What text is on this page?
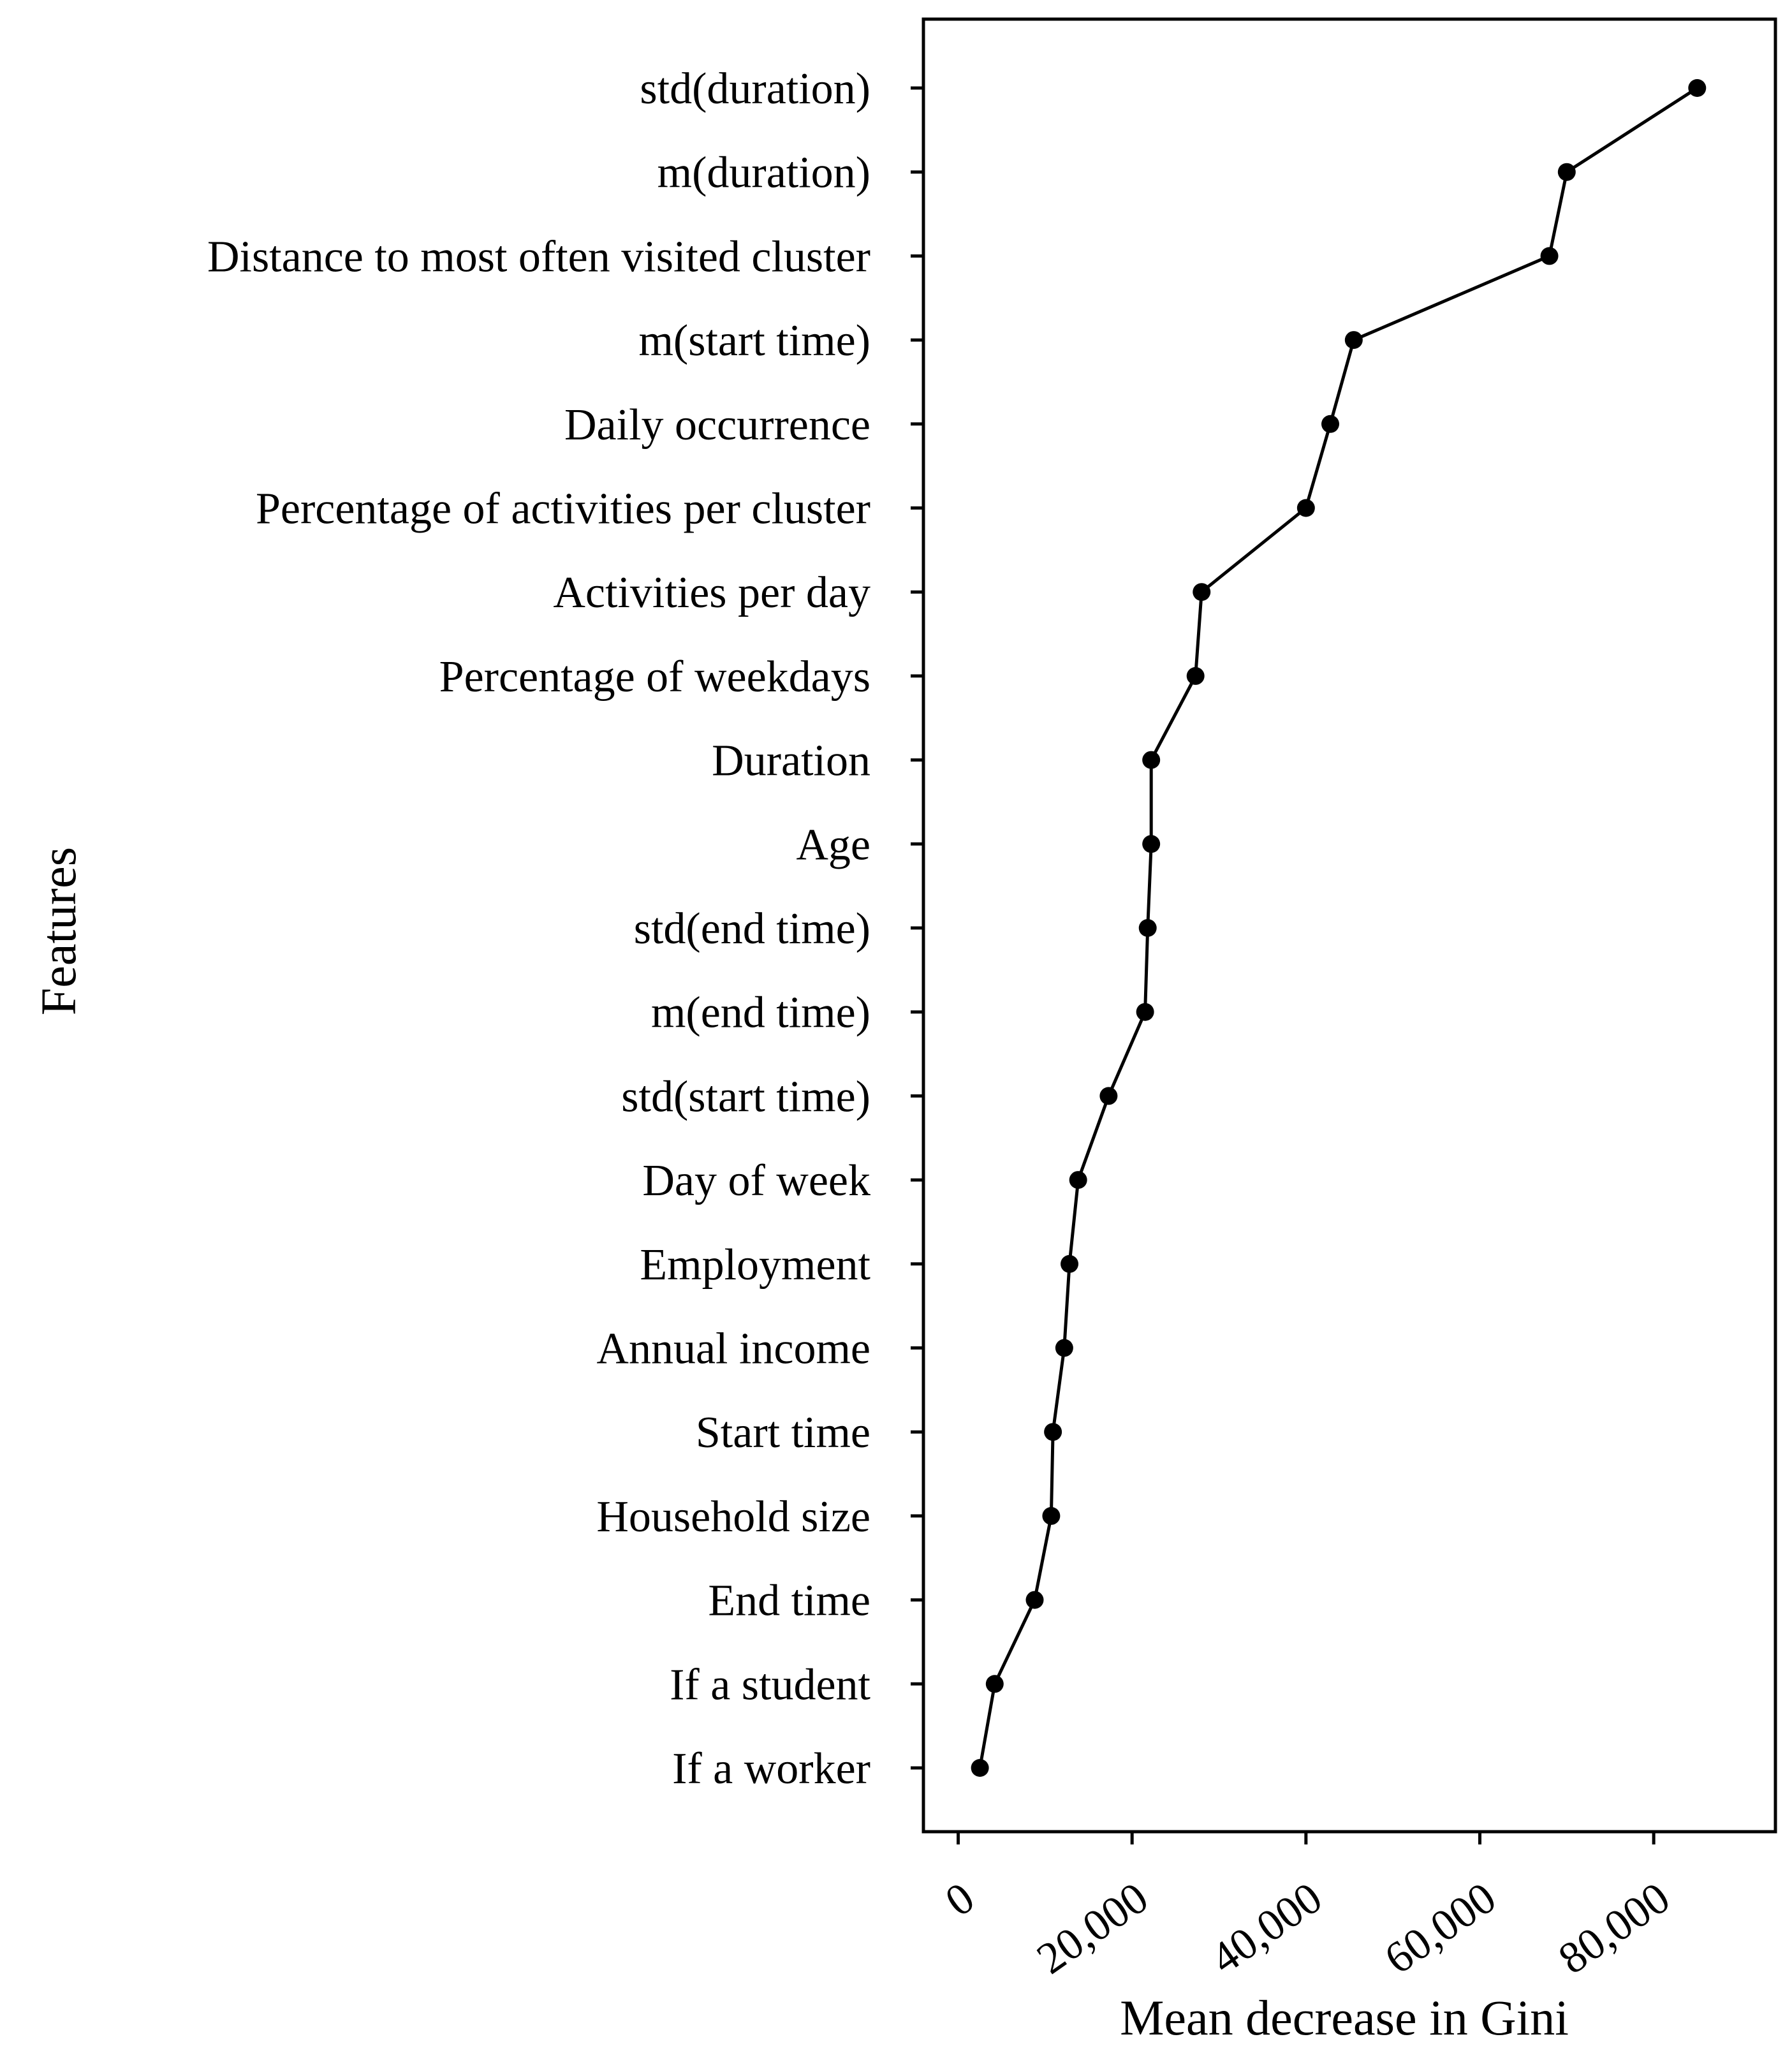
std(duration)
m(duration)
Distance to most often visited cluster
m(start time)
Daily occurrence
Percentage of activities per cluster
Activities per day
Percentage of weekdays
Duration
Age
std(end time)
m(end time)
std(start time)
Day of week
Employment
Annual income
Start time
Household size
End time
If a student
If a worker
0 20,000 40,000 60,000 80,000
Mean decrease in Gini
Features
